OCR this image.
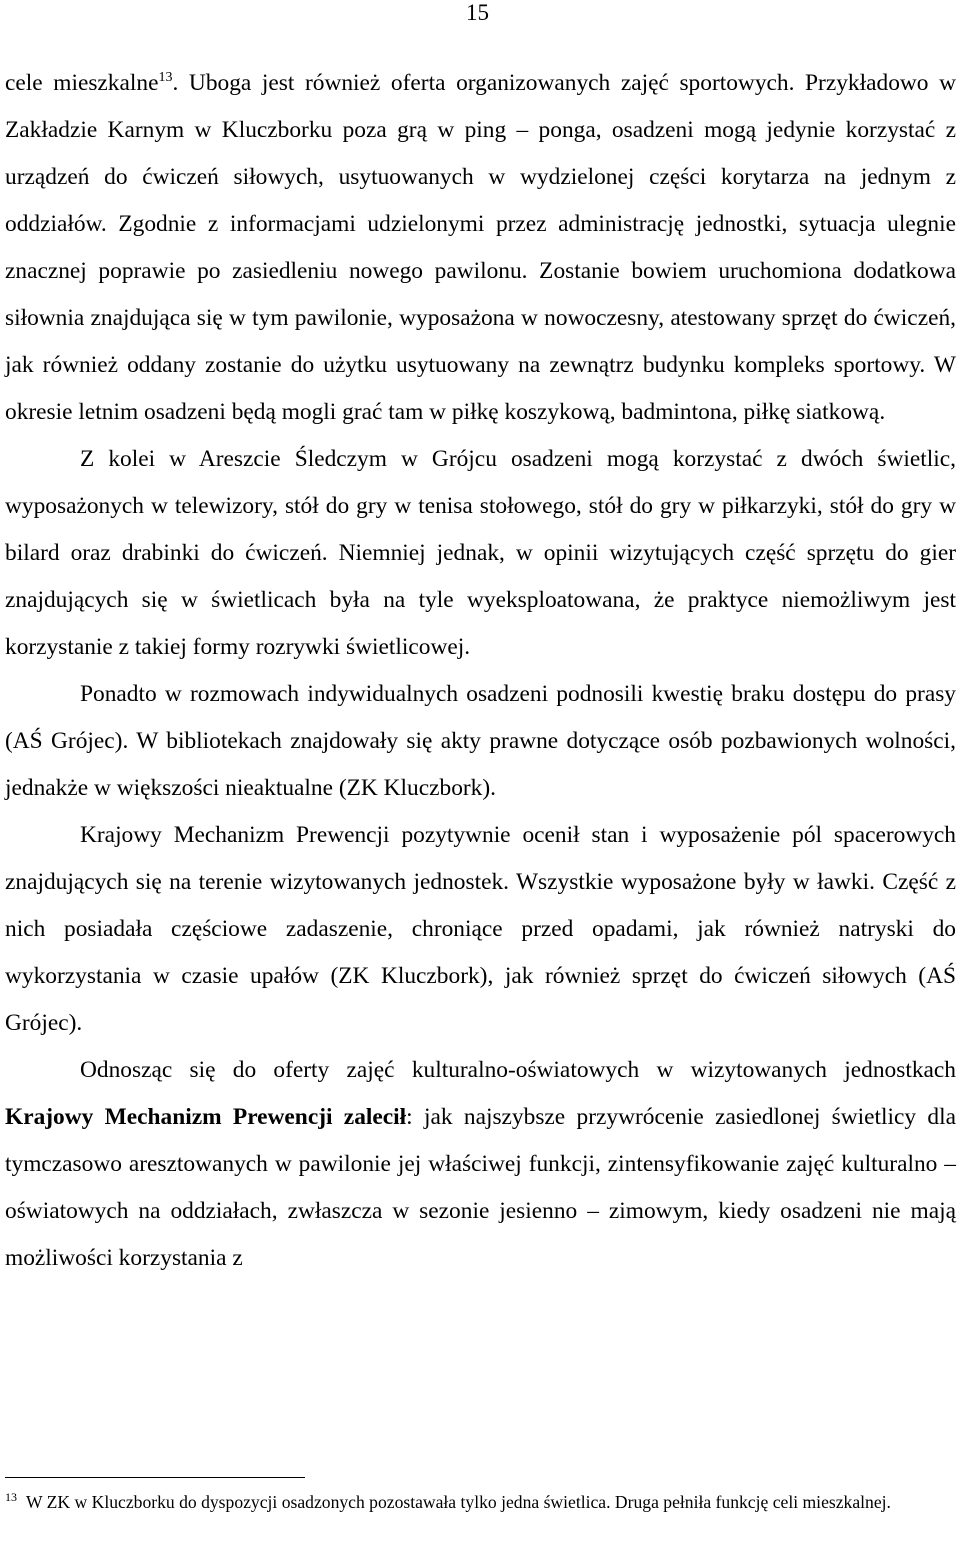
15

cele mieszkalne$^{13}$. Uboga jest również oferta organizowanych zajęć sportowych. Przykładowo w Zakładzie Karnym w Kluczborku poza grą w ping – ponga, osadzeni mogą jedynie korzystać z urządzeń do ćwiczeń siłowych, usytuowanych w wydzielonej części korytarza na jednym z oddziałów. Zgodnie z informacjami udzielonymi przez administrację jednostki, sytuacja ulegnie znacznej poprawie po zasiedleniu nowego pawilonu. Zostanie bowiem uruchomiona dodatkowa siłownia znajdująca się w tym pawilonie, wyposażona w nowoczesny, atestowany sprzęt do ćwiczeń, jak również oddany zostanie do użytku usytuowany na zewnątrz budynku kompleks sportowy. W okresie letnim osadzeni będą mogli grać tam w piłkę koszykową, badmintona, piłkę siatkową.

Z kolei w Areszcie Śledczym w Grójcu osadzeni mogą korzystać z dwóch świetlic, wyposażonych w telewizory, stół do gry w tenisa stołowego, stół do gry w piłkarzyki, stół do gry w bilard oraz drabinki do ćwiczeń. Niemniej jednak, w opinii wizytujących część sprzętu do gier znajdujących się w świetlicach była na tyle wyeksploatowana, że praktyce niemożliwym jest korzystanie z takiej formy rozrywki świetlicowej.

Ponadto w rozmowach indywidualnych osadzeni podnosili kwestię braku dostępu do prasy (AŚ Grójec). W bibliotekach znajdowały się akty prawne dotyczące osób pozbawionych wolności, jednakże w większości nieaktualne (ZK Kluczbork).

Krajowy Mechanizm Prewencji pozytywnie ocenił stan i wyposażenie pól spacerowych znajdujących się na terenie wizytowanych jednostek. Wszystkie wyposażone były w ławki. Część z nich posiadała częściowe zadaszenie, chroniące przed opadami, jak również natryski do wykorzystania w czasie upałów (ZK Kluczbork), jak również sprzęt do ćwiczeń siłowych (AŚ Grójec).

Odnosząc się do oferty zajęć kulturalno-oświatowych w wizytowanych jednostkach Krajowy Mechanizm Prewencji zalecił: jak najszybsze przywrócenie zasiedlonej świetlicy dla tymczasowo aresztowanych w pawilonie jej właściwej funkcji, zintensyfikowanie zajęć kulturalno – oświatowych na oddziałach, zwłaszcza w sezonie jesienno – zimowym, kiedy osadzeni nie mają możliwości korzystania z

$^{13}$ W ZK w Kluczborku do dyspozycji osadzonych pozostawała tylko jedna świetlica. Druga pełniła funkcję celi mieszkalnej.
